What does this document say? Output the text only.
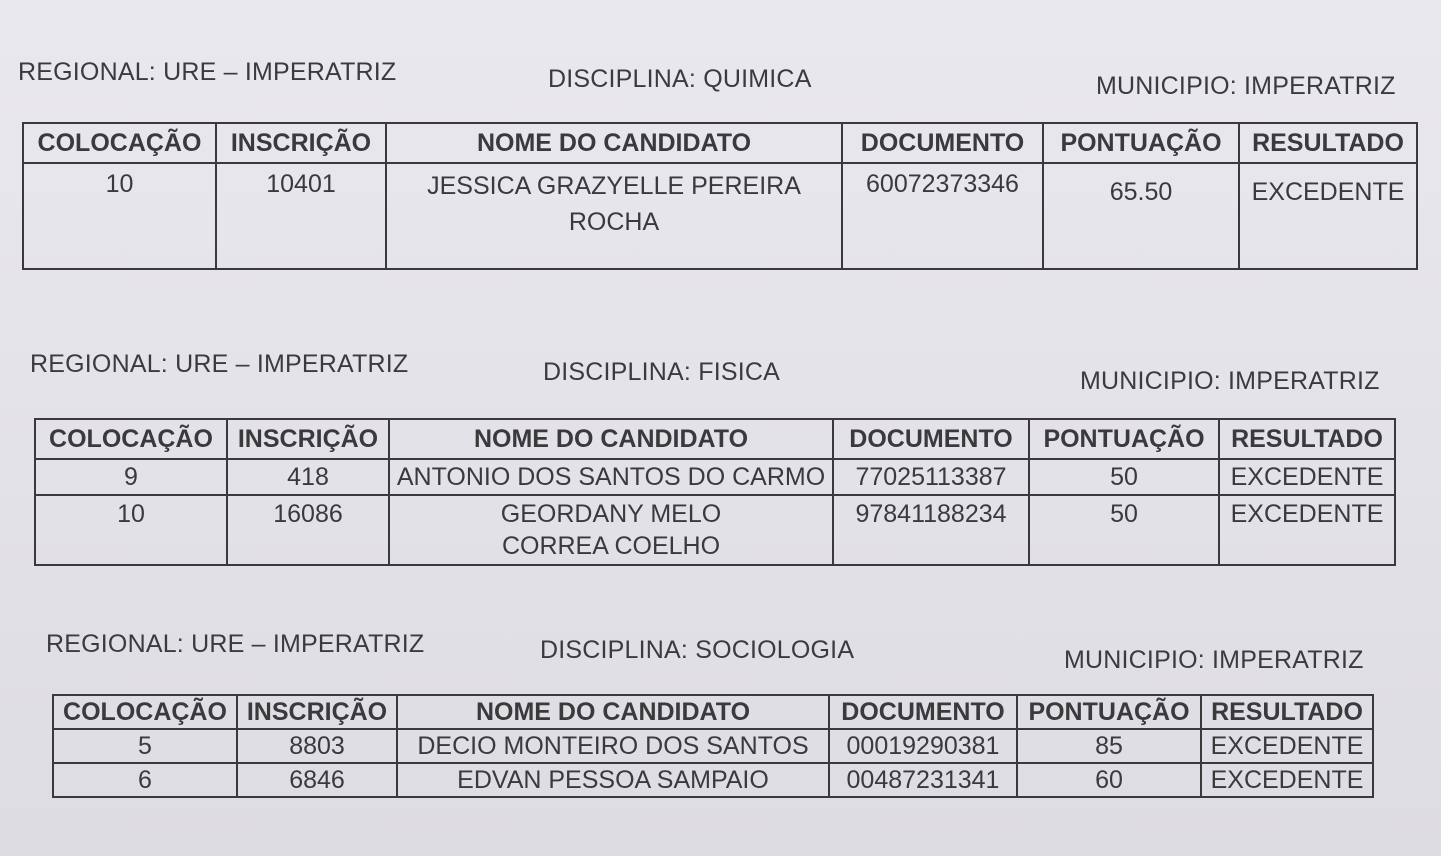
REGIONAL: URE – IMPERATRIZ	DISCIPLINA: QUIMICA	MUNICIPIO: IMPERATRIZ
COLOCAÇÃO	INSCRIÇÃO	NOME DO CANDIDATO	DOCUMENTO	PONTUAÇÃO	RESULTADO
10	10401	JESSICA GRAZYELLE PEREIRA ROCHA	60072373346	65.50	EXCEDENTE
REGIONAL: URE – IMPERATRIZ	DISCIPLINA: FISICA	MUNICIPIO: IMPERATRIZ
COLOCAÇÃO	INSCRIÇÃO	NOME DO CANDIDATO	DOCUMENTO	PONTUAÇÃO	RESULTADO
9	418	ANTONIO DOS SANTOS DO CARMO	77025113387	50	EXCEDENTE
10	16086	GEORDANY MELO CORREA COELHO	97841188234	50	EXCEDENTE
REGIONAL: URE – IMPERATRIZ	DISCIPLINA: SOCIOLOGIA	MUNICIPIO: IMPERATRIZ
COLOCAÇÃO	INSCRIÇÃO	NOME DO CANDIDATO	DOCUMENTO	PONTUAÇÃO	RESULTADO
5	8803	DECIO MONTEIRO DOS SANTOS	00019290381	85	EXCEDENTE
6	6846	EDVAN PESSOA SAMPAIO	00487231341	60	EXCEDENTE
